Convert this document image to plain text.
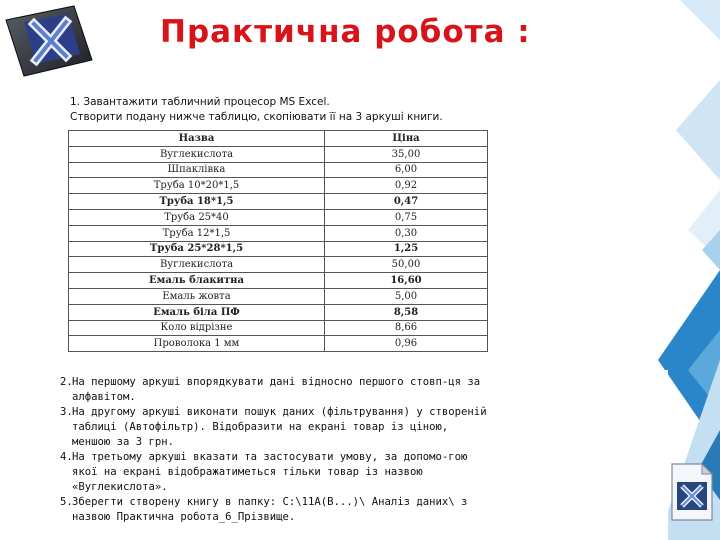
Практична робота :
1. Завантажити табличний процесор MS Excel.
Створити подану нижче таблицю, скопіювати її на 3 аркуші книги.
Назва	Ціна
Вуглекислота	35,00
Шпаклівка	6,00
Труба 10*20*1,5	0,92
Труба 18*1,5	0,47
Труба 25*40	0,75
Труба 12*1,5	0,30
Труба 25*28*1,5	1,25
Вуглекислота	50,00
Емаль блакитна	16,60
Емаль жовта	5,00
Емаль біла ПФ	8,58
Коло відрізне	8,66
Проволока 1 мм	0,96
2. На першому аркуші впорядкувати дані відносно першого стовп-ця за алфавітом.
3. На другому аркуші виконати пошук даних (фільтрування) у створеній таблиці (Автофільтр). Відобразити на екрані товар із ціною, меншою за 3 грн.
4. На третьому аркуші вказати та застосувати умову, за допомо-гою якої на екрані відображатиметься тільки товар із назвою «Вуглекислота».
5. Зберегти створену книгу в папку: С:\11А(В...)\ Аналіз даних\ з назвою Практична робота_6_Прізвище.
